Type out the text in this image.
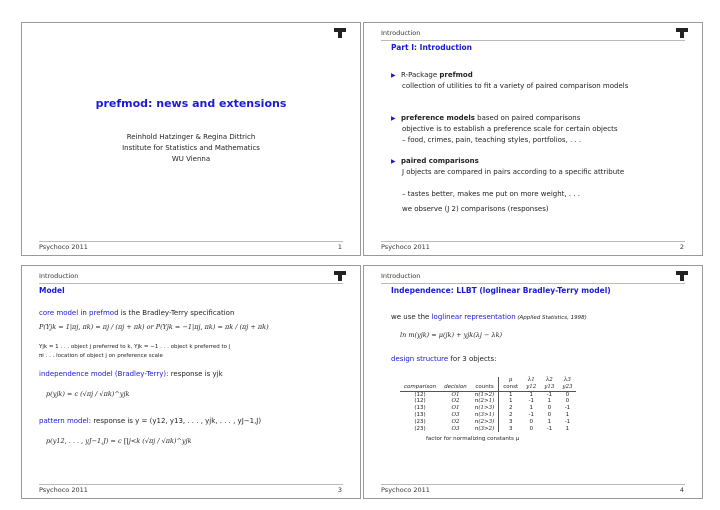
prefmod: news and extensions
Reinhold Hatzinger & Regina Dittrich
Institute for Statistics and Mathematics
WU Vienna
Psychoco 2011	1
Introduction
Part I: Introduction
▶ R-Package prefmod
collection of utilities to fit a variety of paired comparison models
▶ preference models based on paired comparisons
objective is to establish a preference scale for certain objects
– food, crimes, pain, teaching styles, portfolios, . . .
▶ paired comparisons
J objects are compared in pairs according to a specific attribute
– tastes better, makes me put on more weight, . . .
we observe (J 2) comparisons (responses)
Psychoco 2011	2
Introduction
Model
core model in prefmod is the Bradley-Terry specification
P(Yjk = 1|πj, πk) = πj / (πj + πk) or P(Yjk = −1|πj, πk) = πk / (πj + πk)
Yjk = 1 . . . object j preferred to k, Yjk = −1 . . . object k preferred to j
πi . . . location of object j on preference scale
independence model (Bradley-Terry): response is yjk
p(yjk) = c (√πj / √πk)^yjk
pattern model: response is y = (y12, y13, . . . , yjk, . . . , yJ−1,J)
p(y12, . . . , yJ−1,J) = c ∏j<k (√πj / √πk)^yjk
Psychoco 2011	3
Introduction
Independence: LLBT (loglinear Bradley-Terry model)
we use the loglinear representation (Applied Statistics, 1998)
ln m(yjk) = μ(jk) + yjk(λj − λk)
design structure for 3 objects:
			μ	λ1	λ2	λ3
comparison	decision	counts	const	y12	y13	y23
(12)	O1	n(1>2)	1	1	-1	0
(12)	O2	n(2>1)	1	-1	1	0
(13)	O1	n(1>3)	2	1	0	-1
(13)	O3	n(3>1)	2	-1	0	1
(23)	O2	n(2>3)	3	0	1	-1
(23)	O3	n(3>2)	3	0	-1	1
factor for normalizing constants μ
Psychoco 2011	4
